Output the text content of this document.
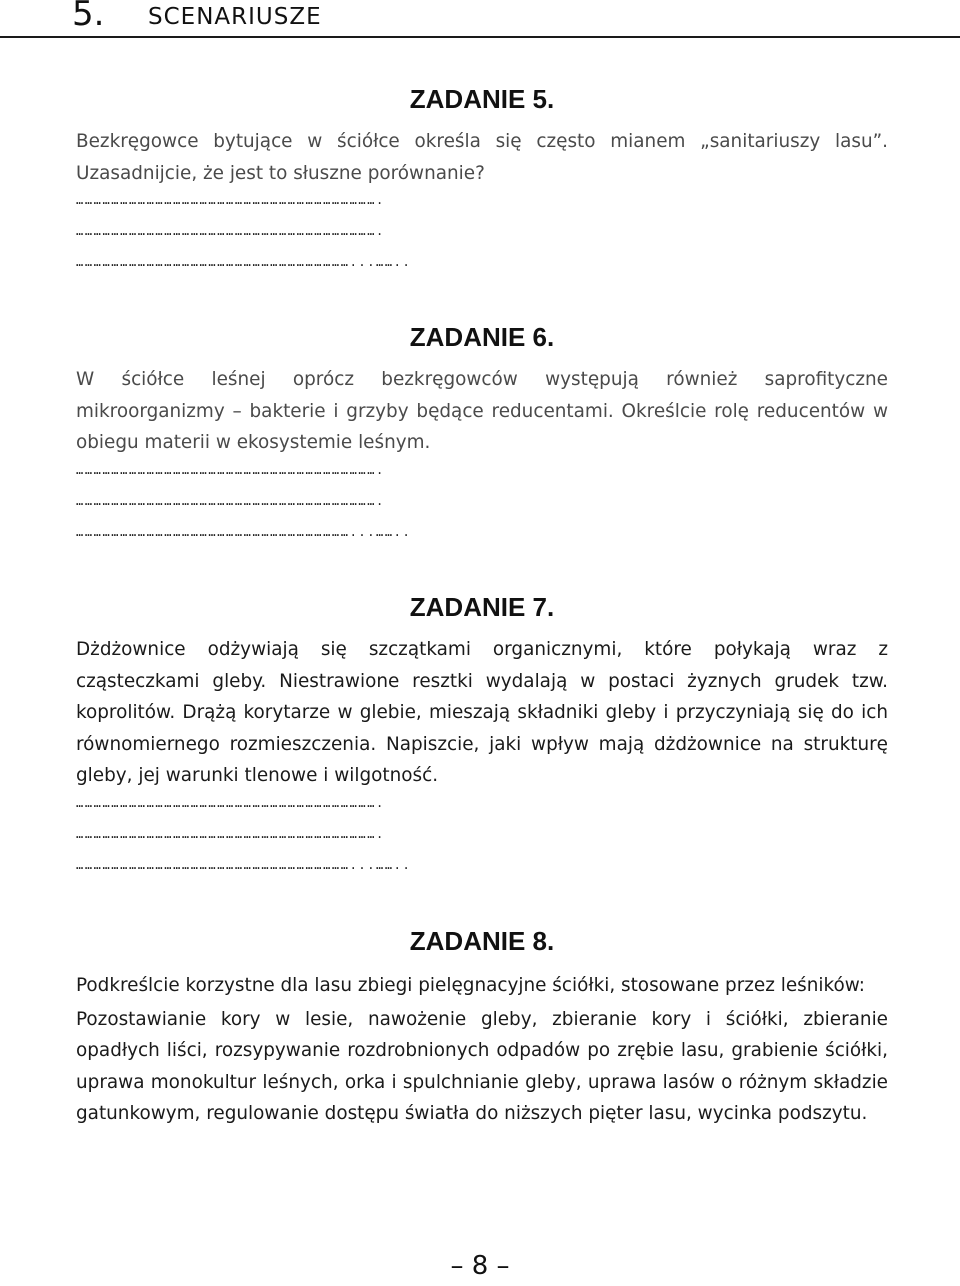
5. SCENARIUSZE
ZADANIE 5.
Bezkręgowce bytujące w ściółce określa się często mianem „sanitariuszy lasu”. Uzasadnijcie, że jest to słuszne porównanie?
………………………………………………………………………………………….
………………………………………………………………………………………….
…………………………………………………………………………………...……..
ZADANIE 6.
W ściółce leśnej oprócz bezkręgowców występują również saprofityczne mikroorganizmy – bakterie i grzyby będące reducentami. Określcie rolę reducentów w obiegu materii w ekosystemie leśnym.
………………………………………………………………………………………….
………………………………………………………………………………………….
…………………………………………………………………………………...……..
ZADANIE 7.
Dżdżownice odżywiają się szczątkami organicznymi, które połykają wraz z cząsteczkami gleby. Niestrawione resztki wydalają w postaci żyznych grudek tzw. koprolitów. Drążą korytarze w glebie, mieszają składniki gleby i przyczyniają się do ich równomiernego rozmieszczenia. Napiszcie, jaki wpływ mają dżdżownice na strukturę gleby, jej warunki tlenowe i wilgotność.
………………………………………………………………………………………….
………………………………………………………………………………………….
…………………………………………………………………………………...……..
ZADANIE 8.
Podkreślcie korzystne dla lasu zbiegi pielęgnacyjne ściółki, stosowane przez leśników:
Pozostawianie kory w lesie, nawożenie gleby, zbieranie kory i ściółki, zbieranie opadłych liści, rozsypywanie rozdrobnionych odpadów po zrębie lasu, grabienie ściółki, uprawa monokultur leśnych, orka i spulchnianie gleby, uprawa lasów o różnym składzie gatunkowym, regulowanie dostępu światła do niższych pięter lasu, wycinka podszytu.
– 8 –
